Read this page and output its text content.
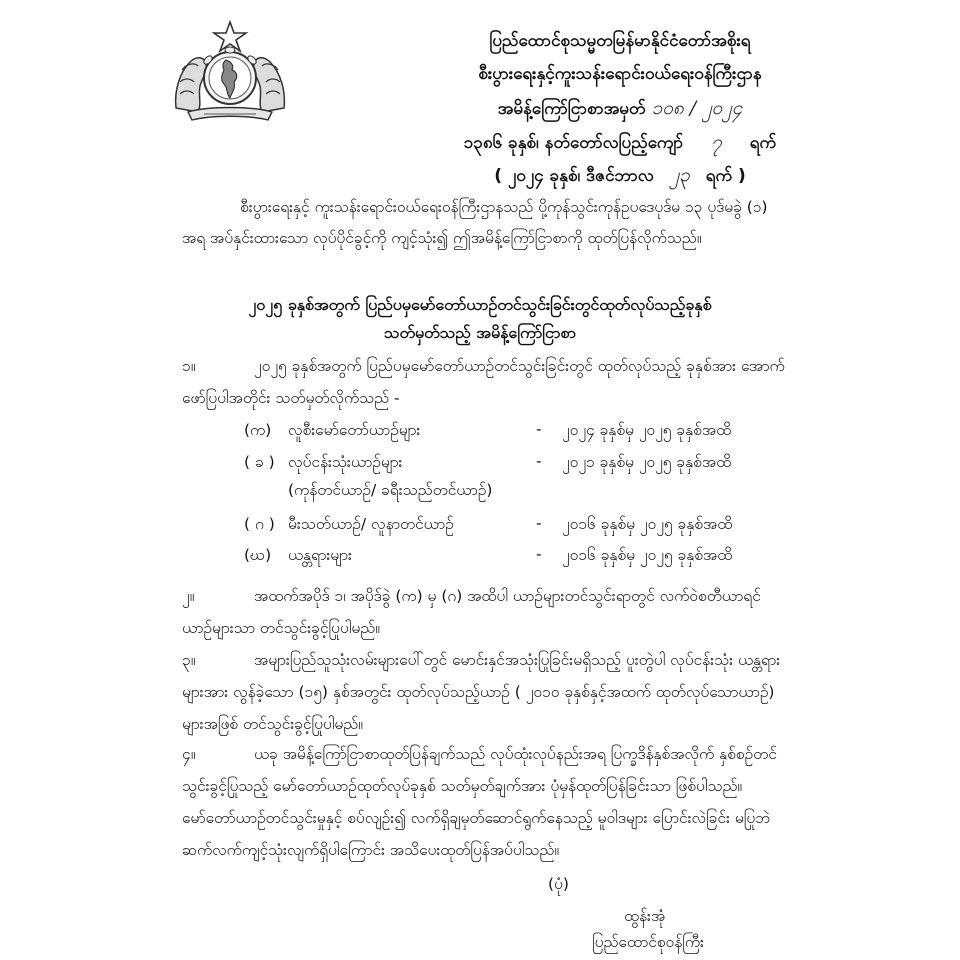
ပြည်ထောင်စုသမ္မတမြန်မာနိုင်ငံတော်အစိုးရ
စီးပွားရေးနှင့်ကူးသန်းရောင်းဝယ်ရေးဝန်ကြီးဌာန
အမိန့်ကြော်ငြာစာအမှတ် ၁၀၈ / ၂၀၂၄
၁၃၈၆ ခုနှစ်၊ နတ်တော်လပြည့်ကျော် ၇ ရက်
( ၂၀၂၄ ခုနှစ်၊ ဒီဇင်ဘာလ ၂၃ ရက် )
စီးပွားရေးနှင့် ကူးသန်းရောင်းဝယ်ရေးဝန်ကြီးဌာနသည် ပို့ကုန်သွင်းကုန်ဥပဒေပုဒ်မ ၁၃ ပုဒ်မခွဲ (၁) အရ အပ်နှင်းထားသော လုပ်ပိုင်ခွင့်ကို ကျင့်သုံး၍ ဤအမိန့်ကြော်ငြာစာကို ထုတ်ပြန်လိုက်သည်။
၂၀၂၅ ခုနှစ်အတွက် ပြည်ပမှမော်တော်ယာဉ်တင်သွင်းခြင်းတွင်ထုတ်လုပ်သည့်ခုနှစ်
သတ်မှတ်သည့် အမိန့်ကြော်ငြာစာ
၁။	၂၀၂၅ ခုနှစ်အတွက် ပြည်ပမှမော်တော်ယာဉ်တင်သွင်းခြင်းတွင် ထုတ်လုပ်သည့် ခုနှစ်အား အောက်ဖော်ပြပါအတိုင်း သတ်မှတ်လိုက်သည် -
(က) လူစီးမော်တော်ယာဉ်များ	- ၂၀၂၄ ခုနှစ်မှ ၂၀၂၅ ခုနှစ်အထိ
( ခ ) လုပ်ငန်းသုံးယာဉ်များ	- ၂၀၂၁ ခုနှစ်မှ ၂၀၂၅ ခုနှစ်အထိ
(ကုန်တင်ယာဉ်/ ခရီးသည်တင်ယာဉ်)
( ဂ ) မီးသတ်ယာဉ်/ လူနာတင်ယာဉ်	- ၂၀၁၆ ခုနှစ်မှ ၂၀၂၅ ခုနှစ်အထိ
(ဃ) ယန္တရားများ	- ၂၀၁၆ ခုနှစ်မှ ၂၀၂၅ ခုနှစ်အထိ
၂။	အထက်အပိုဒ် ၁၊ အပိုဒ်ခွဲ (က) မှ (ဂ) အထိပါ ယာဉ်များတင်သွင်းရာတွင် လက်ဝဲစတီယာရင် ယာဉ်များသာ တင်သွင်းခွင့်ပြုပါမည်။
၃။	အများပြည်သူသုံးလမ်းများပေါ်တွင် မောင်းနှင်အသုံးပြုခြင်းမရှိသည့် ပူးတွဲပါ လုပ်ငန်းသုံး ယန္တရားများအား လွန်ခဲ့သော (၁၅) နှစ်အတွင်း ထုတ်လုပ်သည့်ယာဉ် ( ၂၀၁၀ ခုနှစ်နှင့်အထက် ထုတ်လုပ်သောယာဉ်) များအဖြစ် တင်သွင်းခွင့်ပြုပါမည်။
၄။	ယခု အမိန့်ကြော်ငြာစာထုတ်ပြန်ချက်သည် လုပ်ထုံးလုပ်နည်းအရ ပြက္ခဒိန်နှစ်အလိုက် နှစ်စဉ်တင်သွင်းခွင့်ပြုသည့် မော်တော်ယာဉ်ထုတ်လုပ်ခုနှစ် သတ်မှတ်ချက်အား ပုံမှန်ထုတ်ပြန်ခြင်းသာ ဖြစ်ပါသည်။ မော်တော်ယာဉ်တင်သွင်းမှုနှင့် စပ်လျဉ်း၍ လက်ရှိချမှတ်ဆောင်ရွက်နေသည့် မူဝါဒများ ပြောင်းလဲခြင်း မပြုဘဲ ဆက်လက်ကျင့်သုံးလျက်ရှိပါကြောင်း အသိပေးထုတ်ပြန်အပ်ပါသည်။
(ပုံ)
ထွန်းအုံ
ပြည်ထောင်စုဝန်ကြီး
